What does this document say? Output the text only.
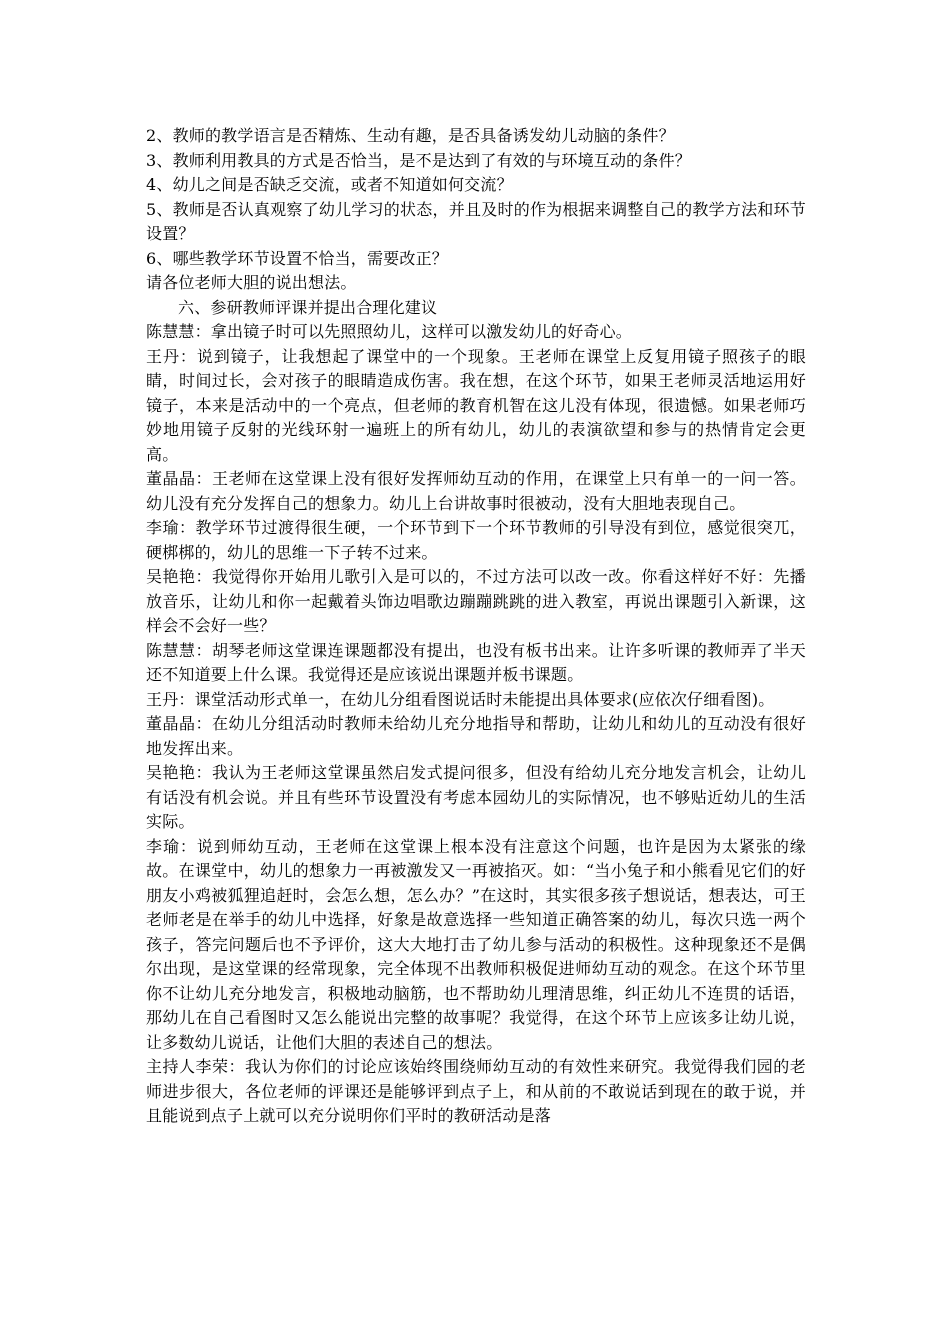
2、教师的教学语言是否精炼、生动有趣，是否具备诱发幼儿动脑的条件？

3、教师利用教具的方式是否恰当，是不是达到了有效的与环境互动的条件？

4、幼儿之间是否缺乏交流，或者不知道如何交流？

5、教师是否认真观察了幼儿学习的状态，并且及时的作为根据来调整自己的教学方法和环节设置？

6、哪些教学环节设置不恰当，需要改正？

请各位老师大胆的说出想法。

六、参研教师评课并提出合理化建议

陈慧慧：拿出镜子时可以先照照幼儿，这样可以激发幼儿的好奇心。

王丹：说到镜子，让我想起了课堂中的一个现象。王老师在课堂上反复用镜子照孩子的眼睛，时间过长，会对孩子的眼睛造成伤害。我在想，在这个环节，如果王老师灵活地运用好镜子，本来是活动中的一个亮点，但老师的教育机智在这儿没有体现，很遗憾。如果老师巧妙地用镜子反射的光线环射一遍班上的所有幼儿，幼儿的表演欲望和参与的热情肯定会更高。

董晶晶：王老师在这堂课上没有很好发挥师幼互动的作用，在课堂上只有单一的一问一答。幼儿没有充分发挥自己的想象力。幼儿上台讲故事时很被动，没有大胆地表现自己。

李瑜：教学环节过渡得很生硬，一个环节到下一个环节教师的引导没有到位，感觉很突兀，硬梆梆的，幼儿的思维一下子转不过来。

吴艳艳：我觉得你开始用儿歌引入是可以的，不过方法可以改一改。你看这样好不好：先播放音乐，让幼儿和你一起戴着头饰边唱歌边蹦蹦跳跳的进入教室，再说出课题引入新课，这样会不会好一些？

陈慧慧：胡琴老师这堂课连课题都没有提出，也没有板书出来。让许多听课的教师弄了半天还不知道要上什么课。我觉得还是应该说出课题并板书课题。

王丹：课堂活动形式单一，在幼儿分组看图说话时未能提出具体要求(应依次仔细看图)。

董晶晶：在幼儿分组活动时教师未给幼儿充分地指导和帮助，让幼儿和幼儿的互动没有很好地发挥出来。

吴艳艳：我认为王老师这堂课虽然启发式提问很多，但没有给幼儿充分地发言机会，让幼儿有话没有机会说。并且有些环节设置没有考虑本园幼儿的实际情况，也不够贴近幼儿的生活实际。

李瑜：说到师幼互动，王老师在这堂课上根本没有注意这个问题，也许是因为太紧张的缘故。在课堂中，幼儿的想象力一再被激发又一再被掐灭。如：“当小兔子和小熊看见它们的好朋友小鸡被狐狸追赶时，会怎么想，怎么办？”在这时，其实很多孩子想说话，想表达，可王老师老是在举手的幼儿中选择，好象是故意选择一些知道正确答案的幼儿，每次只选一两个孩子，答完问题后也不予评价，这大大地打击了幼儿参与活动的积极性。这种现象还不是偶尔出现，是这堂课的经常现象，完全体现不出教师积极促进师幼互动的观念。在这个环节里你不让幼儿充分地发言，积极地动脑筋，也不帮助幼儿理清思维，纠正幼儿不连贯的话语，那幼儿在自己看图时又怎么能说出完整的故事呢？我觉得，在这个环节上应该多让幼儿说，让多数幼儿说话，让他们大胆的表述自己的想法。

主持人李荣：我认为你们的讨论应该始终围绕师幼互动的有效性来研究。我觉得我们园的老师进步很大，各位老师的评课还是能够评到点子上，和从前的不敢说话到现在的敢于说，并且能说到点子上就可以充分说明你们平时的教研活动是落
